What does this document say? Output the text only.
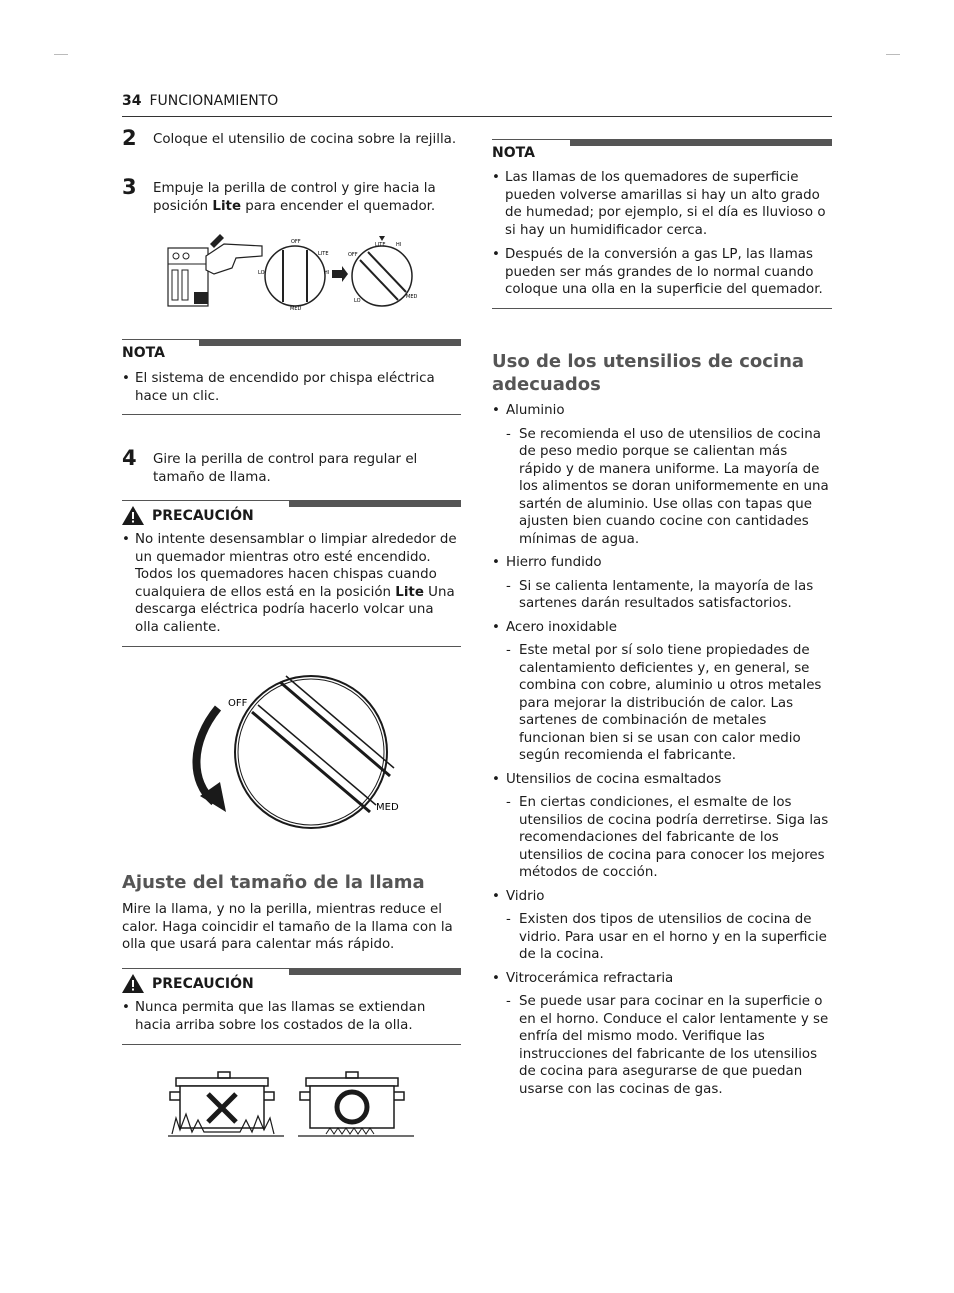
34 FUNCIONAMIENTO
2	Coloque el utensilio de cocina sobre la rejilla.
3	Empuje la perilla de control y gire hacia la posición Lite para encender el quemador.
OFF
LITE
HI
LO
MED
OFF
LITE HI
LO
MED
NOTA
• El sistema de encendido por chispa eléctrica hace un clic.
4	Gire la perilla de control para regular el tamaño de llama.
PRECAUCIÓN
• No intente desensamblar o limpiar alrededor de un quemador mientras otro esté encendido. Todos los quemadores hacen chispas cuando cualquiera de ellos está en la posición Lite Una descarga eléctrica podría hacerlo volcar una olla caliente.
OFF
MED
Ajuste del tamaño de la llama
Mire la llama, y no la perilla, mientras reduce el calor. Haga coincidir el tamaño de la llama con la olla que usará para calentar más rápido.
PRECAUCIÓN
• Nunca permita que las llamas se extiendan hacia arriba sobre los costados de la olla.
NOTA
• Las llamas de los quemadores de superficie pueden volverse amarillas si hay un alto grado de humedad; por ejemplo, si el día es lluvioso o si hay un humidificador cerca.
• Después de la conversión a gas LP, las llamas pueden ser más grandes de lo normal cuando coloque una olla en la superficie del quemador.
Uso de los utensilios de cocina adecuados
• Aluminio
- Se recomienda el uso de utensilios de cocina de peso medio porque se calientan más rápido y de manera uniforme. La mayoría de los alimentos se doran uniformemente en una sartén de aluminio. Use ollas con tapas que ajusten bien cuando cocine con cantidades mínimas de agua.
• Hierro fundido
- Si se calienta lentamente, la mayoría de las sartenes darán resultados satisfactorios.
• Acero inoxidable
- Este metal por sí solo tiene propiedades de calentamiento deficientes y, en general, se combina con cobre, aluminio u otros metales para mejorar la distribución de calor. Las sartenes de combinación de metales funcionan bien si se usan con calor medio según recomienda el fabricante.
• Utensilios de cocina esmaltados
- En ciertas condiciones, el esmalte de los utensilios de cocina podría derretirse. Siga las recomendaciones del fabricante de los utensilios de cocina para conocer los mejores métodos de cocción.
• Vidrio
- Existen dos tipos de utensilios de cocina de vidrio. Para usar en el horno y en la superficie de la cocina.
• Vitrocerámica refractaria
- Se puede usar para cocinar en la superficie o en el horno. Conduce el calor lentamente y se enfría del mismo modo. Verifique las instrucciones del fabricante de los utensilios de cocina para asegurarse de que puedan usarse con las cocinas de gas.
